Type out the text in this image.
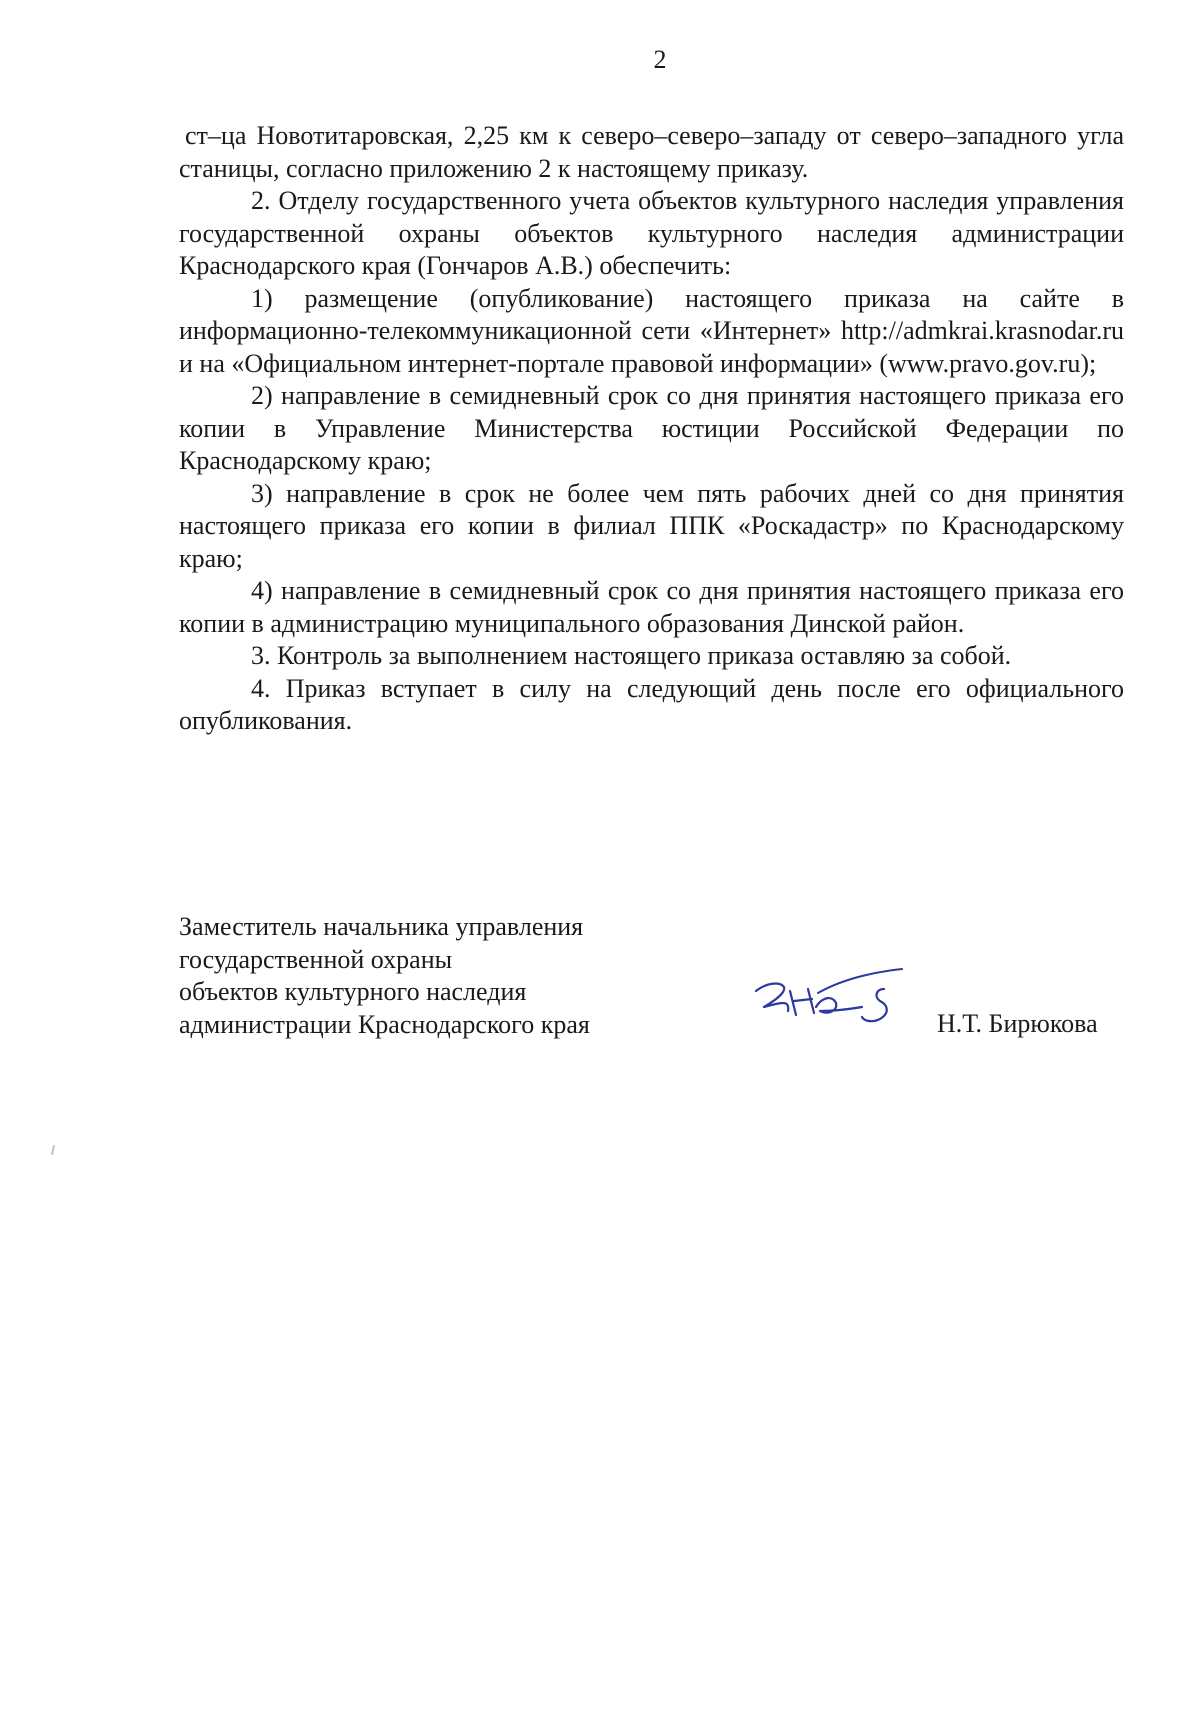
2

ст–ца Новотитаровская, 2,25 км к северо–северо–западу от северо–западного угла станицы, согласно приложению 2 к настоящему приказу.

2. Отделу государственного учета объектов культурного наследия управления государственной охраны объектов культурного наследия администрации Краснодарского края (Гончаров А.В.) обеспечить:

1) размещение (опубликование) настоящего приказа на сайте в информационно-телекоммуникационной сети «Интернет» http://admkrai.krasnodar.ru и на «Официальном интернет-портале правовой информации» (www.pravo.gov.ru);

2) направление в семидневный срок со дня принятия настоящего приказа его копии в Управление Министерства юстиции Российской Федерации по Краснодарскому краю;

3) направление в срок не более чем пять рабочих дней со дня принятия настоящего приказа его копии в филиал ППК «Роскадастр» по Краснодарскому краю;

4) направление в семидневный срок со дня принятия настоящего приказа его копии в администрацию муниципального образования Динской район.

3. Контроль за выполнением настоящего приказа оставляю за собой.

4. Приказ вступает в силу на следующий день после его официального опубликования.

Заместитель начальника управления
государственной охраны
объектов культурного наследия
администрации Краснодарского края	Н.Т. Бирюкова
